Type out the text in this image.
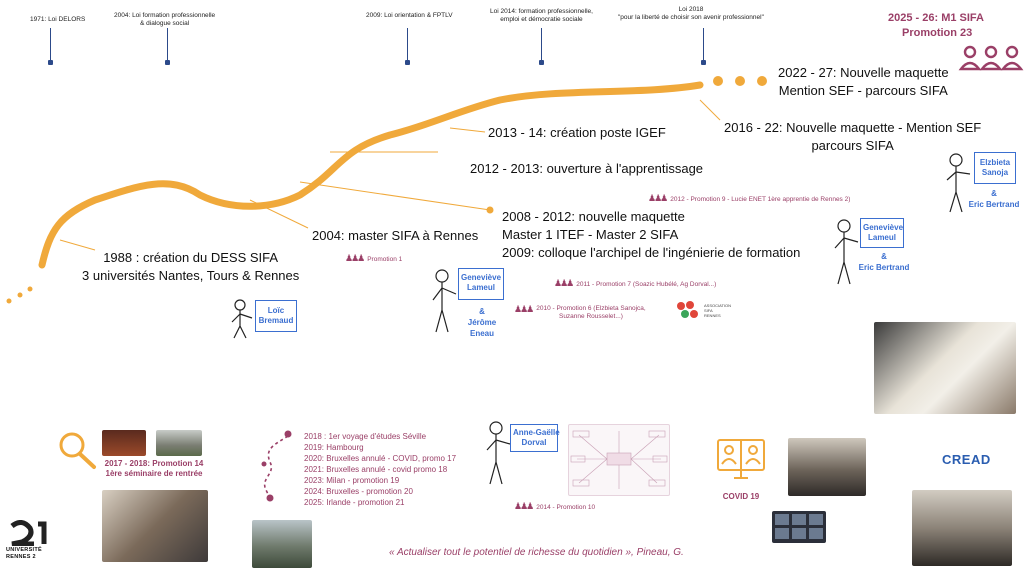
1971: Loi DELORS
2004: Loi formation professionnelle
& dialogue social
2009: Loi orientation & FPTLV
Loi 2014: formation professionnelle,
emploi et démocratie sociale
Loi 2018
"pour la liberté de choisir son avenir professionnel"	2025 - 26: M1 SIFA
Promotion 23
1988 : création du DESS SIFA
3 universités Nantes, Tours & Rennes
2004: master SIFA à Rennes
2008 - 2012: nouvelle maquette
Master 1 ITEF - Master 2 SIFA
2009: colloque l'archipel de l'ingénierie de formation
2012 - 2013: ouverture à l'apprentissage
2013 - 14: création poste IGEF	2016 - 22: Nouvelle maquette - Mention SEF
parcours SIFA
2022 - 27: Nouvelle maquette
Mention SEF - parcours SIFA
♟♟♟ Promotion 1
♟♟♟ 2012 - Promotion 9 - Lucie ENET 1ère apprentie de Rennes 2)
♟♟♟ 2011 - Promotion 7 (Soazic Hubélé, Ag Dorval...)
♟♟♟ 2010 - Promotion 6 (Elzbieta Sanojca,
Suzanne Rousselet...)
♟♟♟ 2014 - Promotion 10
ASSOCIATION
SIFA
RENNES
Loïc
Bremaud
Geneviève
Lameul
&
Jérôme
Eneau
Geneviève
Lameul
&
Eric Bertrand
Elzbieta
Sanoja
&
Eric Bertrand
Anne-Gaëlle
Dorval
2017 - 2018: Promotion 14
1ère séminaire de rentrée
2018 : 1er voyage d'études Séville
2019: Hambourg
2020: Bruxelles annulé - COVID, promo 17
2021: Bruxelles annulé - covid promo 18
2023: Milan - promotion 19
2024: Bruxelles - promotion 20
2025: Irlande - promotion 21
COVID 19
CREAD
UNIVERSITÉ
RENNES 2	« Actualiser tout le potentiel de richesse du quotidien », Pineau, G.
